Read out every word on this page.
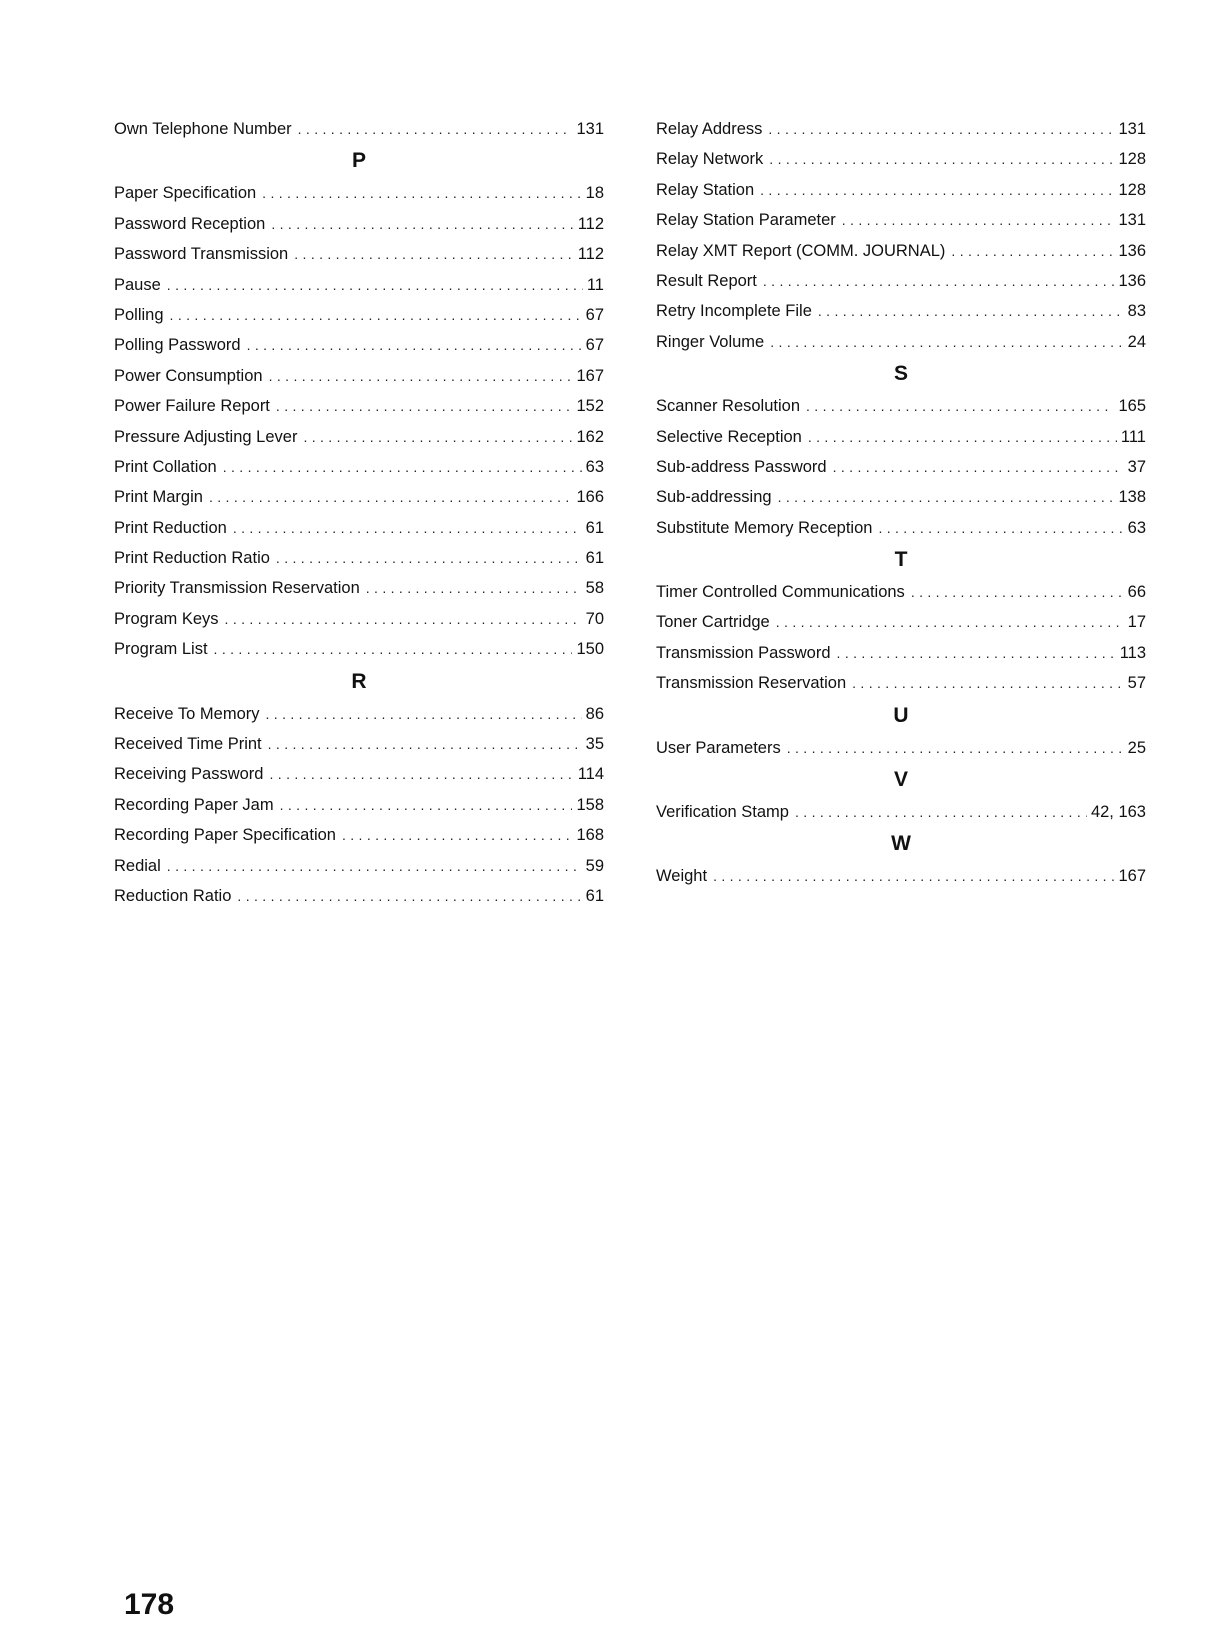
Own Telephone Number .....	131
P
Paper Specification .....	18
Password Reception .....	112
Password Transmission .....	112
Pause .....	11
Polling .....	67
Polling Password .....	67
Power Consumption .....	167
Power Failure Report .....	152
Pressure Adjusting Lever .....	162
Print Collation .....	63
Print Margin .....	166
Print Reduction .....	61
Print Reduction Ratio .....	61
Priority Transmission Reservation .....	58
Program Keys .....	70
Program List .....	150
R
Receive To Memory .....	86
Received Time Print .....	35
Receiving Password .....	114
Recording Paper Jam .....	158
Recording Paper Specification .....	168
Redial .....	59
Reduction Ratio .....	61
Relay Address .....	131
Relay Network .....	128
Relay Station .....	128
Relay Station Parameter .....	131
Relay XMT Report (COMM. JOURNAL) .....	136
Result Report .....	136
Retry Incomplete File .....	83
Ringer Volume .....	24
S
Scanner Resolution .....	165
Selective Reception .....	111
Sub-address Password .....	37
Sub-addressing .....	138
Substitute Memory Reception .....	63
T
Timer Controlled Communications .....	66
Toner Cartridge .....	17
Transmission Password .....	113
Transmission Reservation .....	57
U
User Parameters .....	25
V
Verification Stamp .....	42, 163
W
Weight .....	167
178
